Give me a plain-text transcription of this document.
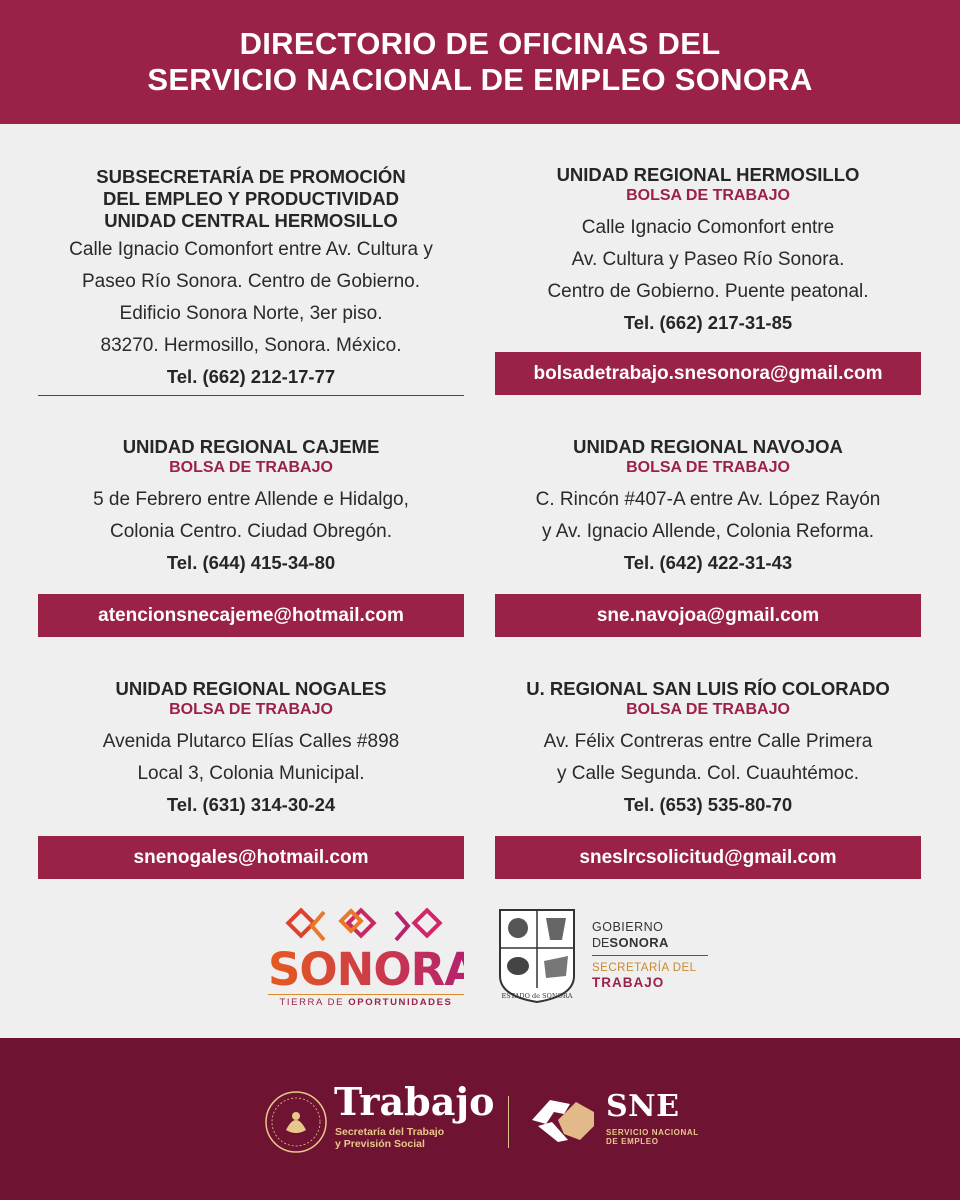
DIRECTORIO DE OFICINAS DEL
SERVICIO NACIONAL DE EMPLEO SONORA
SUBSECRETARÍA DE PROMOCIÓN
DEL EMPLEO Y PRODUCTIVIDAD
UNIDAD CENTRAL HERMOSILLO
Calle Ignacio Comonfort entre Av. Cultura y
Paseo Río Sonora. Centro de Gobierno.
Edificio Sonora Norte, 3er piso.
83270. Hermosillo, Sonora. México.
Tel. (662) 212-17-77
UNIDAD REGIONAL HERMOSILLO
BOLSA DE TRABAJO
Calle Ignacio Comonfort entre
Av. Cultura y Paseo Río Sonora.
Centro de Gobierno. Puente peatonal.
Tel. (662) 217-31-85
bolsadetrabajo.snesonora@gmail.com
UNIDAD REGIONAL CAJEME
BOLSA DE TRABAJO
5 de Febrero entre Allende e Hidalgo,
Colonia Centro. Ciudad Obregón.
Tel. (644) 415-34-80
atencionsnecajeme@hotmail.com
UNIDAD REGIONAL NAVOJOA
BOLSA DE TRABAJO
C. Rincón #407-A entre Av. López Rayón
y Av. Ignacio Allende, Colonia Reforma.
Tel. (642) 422-31-43
sne.navojoa@gmail.com
UNIDAD REGIONAL NOGALES
BOLSA DE TRABAJO
Avenida Plutarco Elías Calles #898
Local 3, Colonia Municipal.
Tel. (631) 314-30-24
snenogales@hotmail.com
U. REGIONAL SAN LUIS RÍO COLORADO
BOLSA DE TRABAJO
Av. Félix Contreras entre Calle Primera
y Calle Segunda. Col. Cuauhtémoc.
Tel. (653) 535-80-70
sneslrcsolicitud@gmail.com
SONORA
TIERRA DE OPORTUNIDADES
ESTADO de SONORA
GOBIERNO
DESONORA
SECRETARÍA DEL
TRABAJO
Trabajo
Secretaría del Trabajo
y Previsión Social
SNE
SERVICIO NACIONAL
DE EMPLEO
